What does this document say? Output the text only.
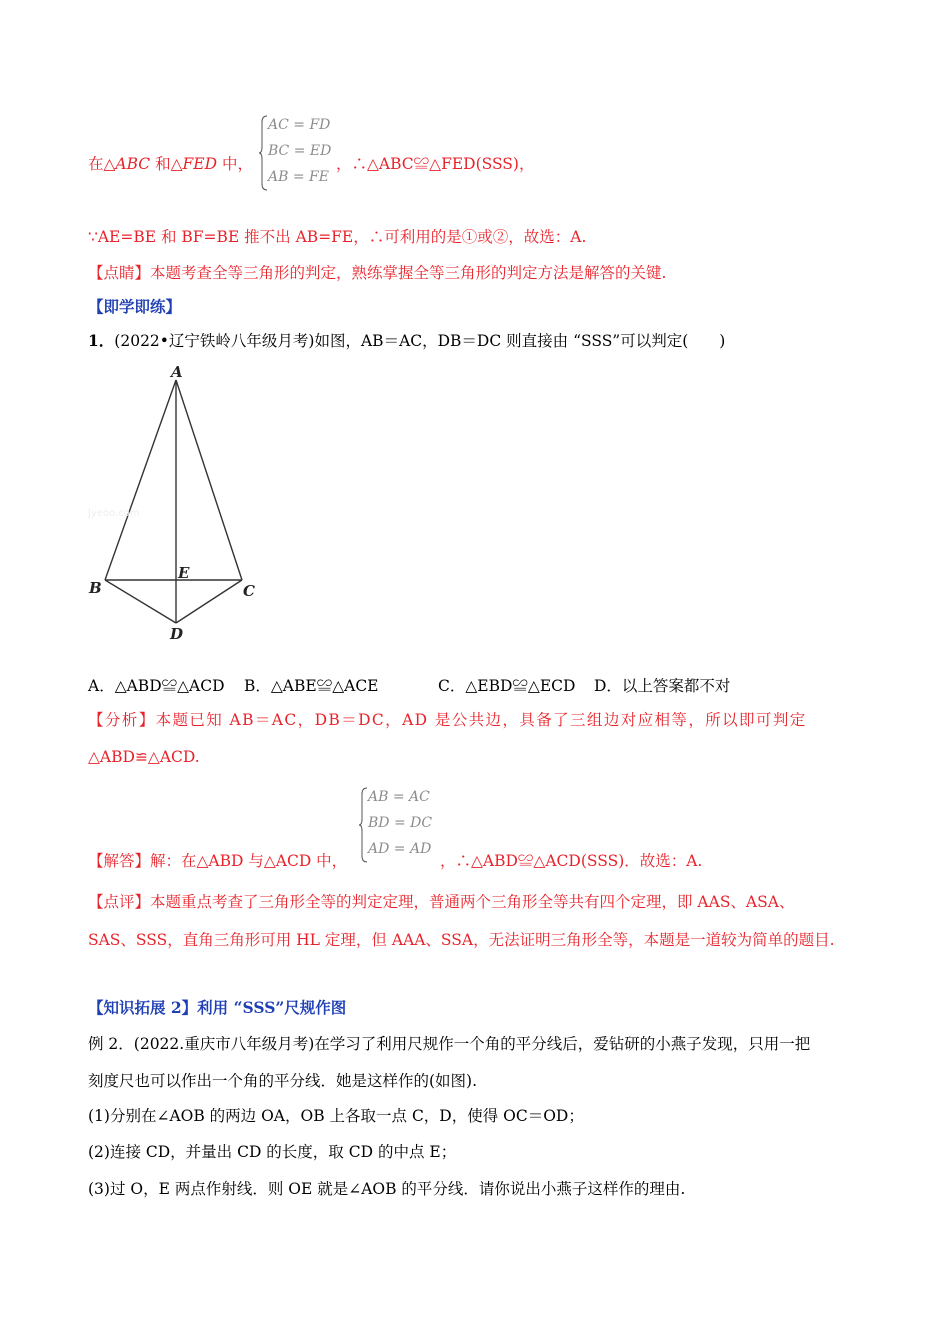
在△ABC 和△FED 中，
AC = FD
BC = ED
AB = FE
，∴△ABC≌△FED(SSS)，
∵AE=BE 和 BF=BE 推不出 AB=FE，∴可利用的是①或②，故选：A.
【点睛】本题考查全等三角形的判定，熟练掌握全等三角形的判定方法是解答的关键.
【即学即练】
1．(2022•辽宁铁岭八年级月考)如图，AB＝AC，DB＝DC 则直接由 “SSS”可以判定(　　)
A
B	C
D
E
Jyeoo.com
A．△ABD≌△ACD B．△ABE≌△ACE	C．△EBD≌△ECD D．以上答案都不对
【分析】本题已知 AB＝AC，DB＝DC，AD 是公共边，具备了三组边对应相等，所以即可判定
△ABD≌△ACD.
【解答】解：在△ABD 与△ACD 中，
AB = AC
BD = DC
AD = AD
，∴△ABD≌△ACD(SSS)．故选：A.
【点评】本题重点考查了三角形全等的判定定理，普通两个三角形全等共有四个定理，即 AAS、ASA、
SAS、SSS，直角三角形可用 HL 定理，但 AAA、SSA，无法证明三角形全等，本题是一道较为简单的题目.
【知识拓展 2】利用 “SSS”尺规作图
例 2．(2022.重庆市八年级月考)在学习了利用尺规作一个角的平分线后，爱钻研的小燕子发现，只用一把
刻度尺也可以作出一个角的平分线．她是这样作的(如图).
(1)分别在∠AOB 的两边 OA，OB 上各取一点 C，D，使得 OC＝OD；
(2)连接 CD，并量出 CD 的长度，取 CD 的中点 E；
(3)过 O，E 两点作射线．则 OE 就是∠AOB 的平分线．请你说出小燕子这样作的理由.
